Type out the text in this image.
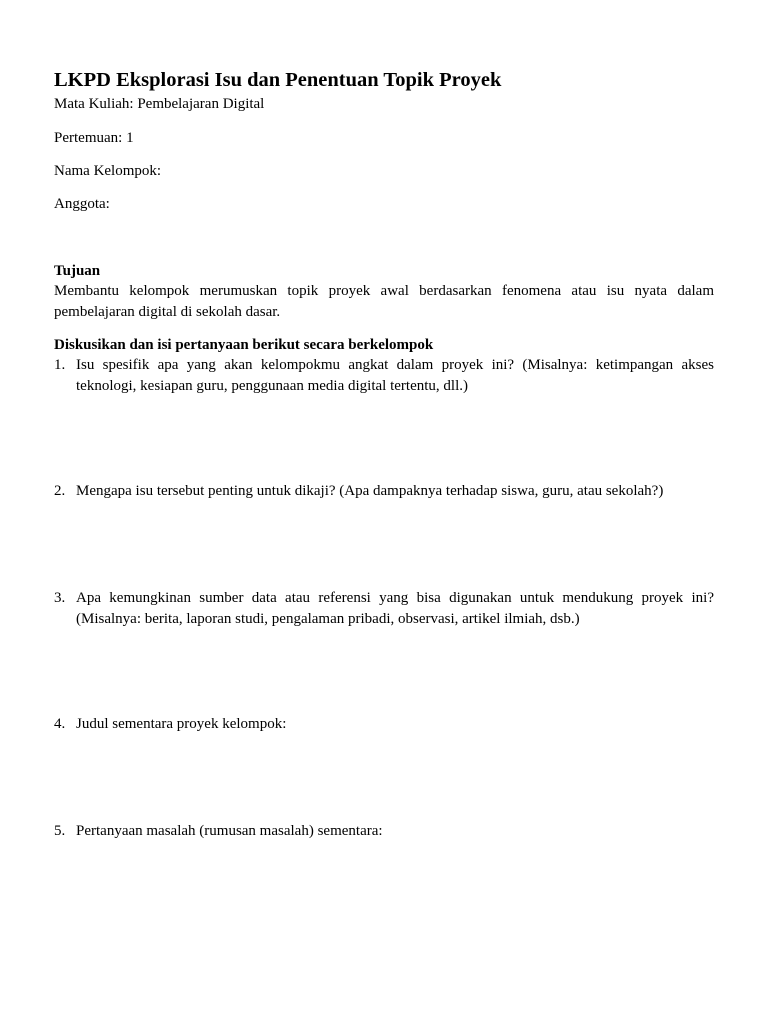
LKPD Eksplorasi Isu dan Penentuan Topik Proyek

Mata Kuliah: Pembelajaran Digital

Pertemuan: 1

Nama Kelompok:

Anggota:

Tujuan

Membantu kelompok merumuskan topik proyek awal berdasarkan fenomena atau isu nyata dalam pembelajaran digital di sekolah dasar.

Diskusikan dan isi pertanyaan berikut secara berkelompok

1. Isu spesifik apa yang akan kelompokmu angkat dalam proyek ini? (Misalnya: ketimpangan akses teknologi, kesiapan guru, penggunaan media digital tertentu, dll.)
2. Mengapa isu tersebut penting untuk dikaji? (Apa dampaknya terhadap siswa, guru, atau sekolah?)
3. Apa kemungkinan sumber data atau referensi yang bisa digunakan untuk mendukung proyek ini? (Misalnya: berita, laporan studi, pengalaman pribadi, observasi, artikel ilmiah, dsb.)
4. Judul sementara proyek kelompok:
5. Pertanyaan masalah (rumusan masalah) sementara:
